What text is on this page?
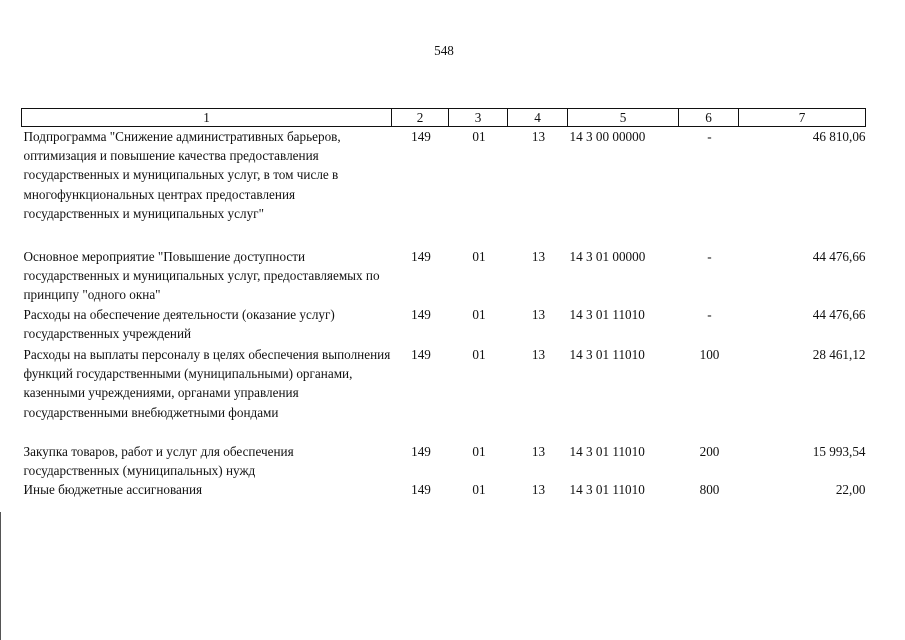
548
1	2	3	4	5	6	7
Подпрограмма "Снижение административных барьеров, оптимизация и повышение качества предоставления государственных и муниципальных услуг, в том числе в многофункциональных центрах предоставления государственных и муниципальных услуг"	149	01	13	14 3 00 00000	-	46 810,06
Основное мероприятие "Повышение доступности государственных и муниципальных услуг, предоставляемых по принципу "одного окна"	149	01	13	14 3 01 00000	-	44 476,66
Расходы на обеспечение деятельности (оказание услуг) государственных учреждений	149	01	13	14 3 01 11010	-	44 476,66
Расходы на выплаты персоналу в целях обеспечения выполнения функций государственными (муниципальными) органами, казенными учреждениями, органами управления государственными внебюджетными фондами	149	01	13	14 3 01 11010	100	28 461,12
Закупка товаров, работ и услуг для обеспечения государственных (муниципальных) нужд	149	01	13	14 3 01 11010	200	15 993,54
Иные бюджетные ассигнования	149	01	13	14 3 01 11010	800	22,00
